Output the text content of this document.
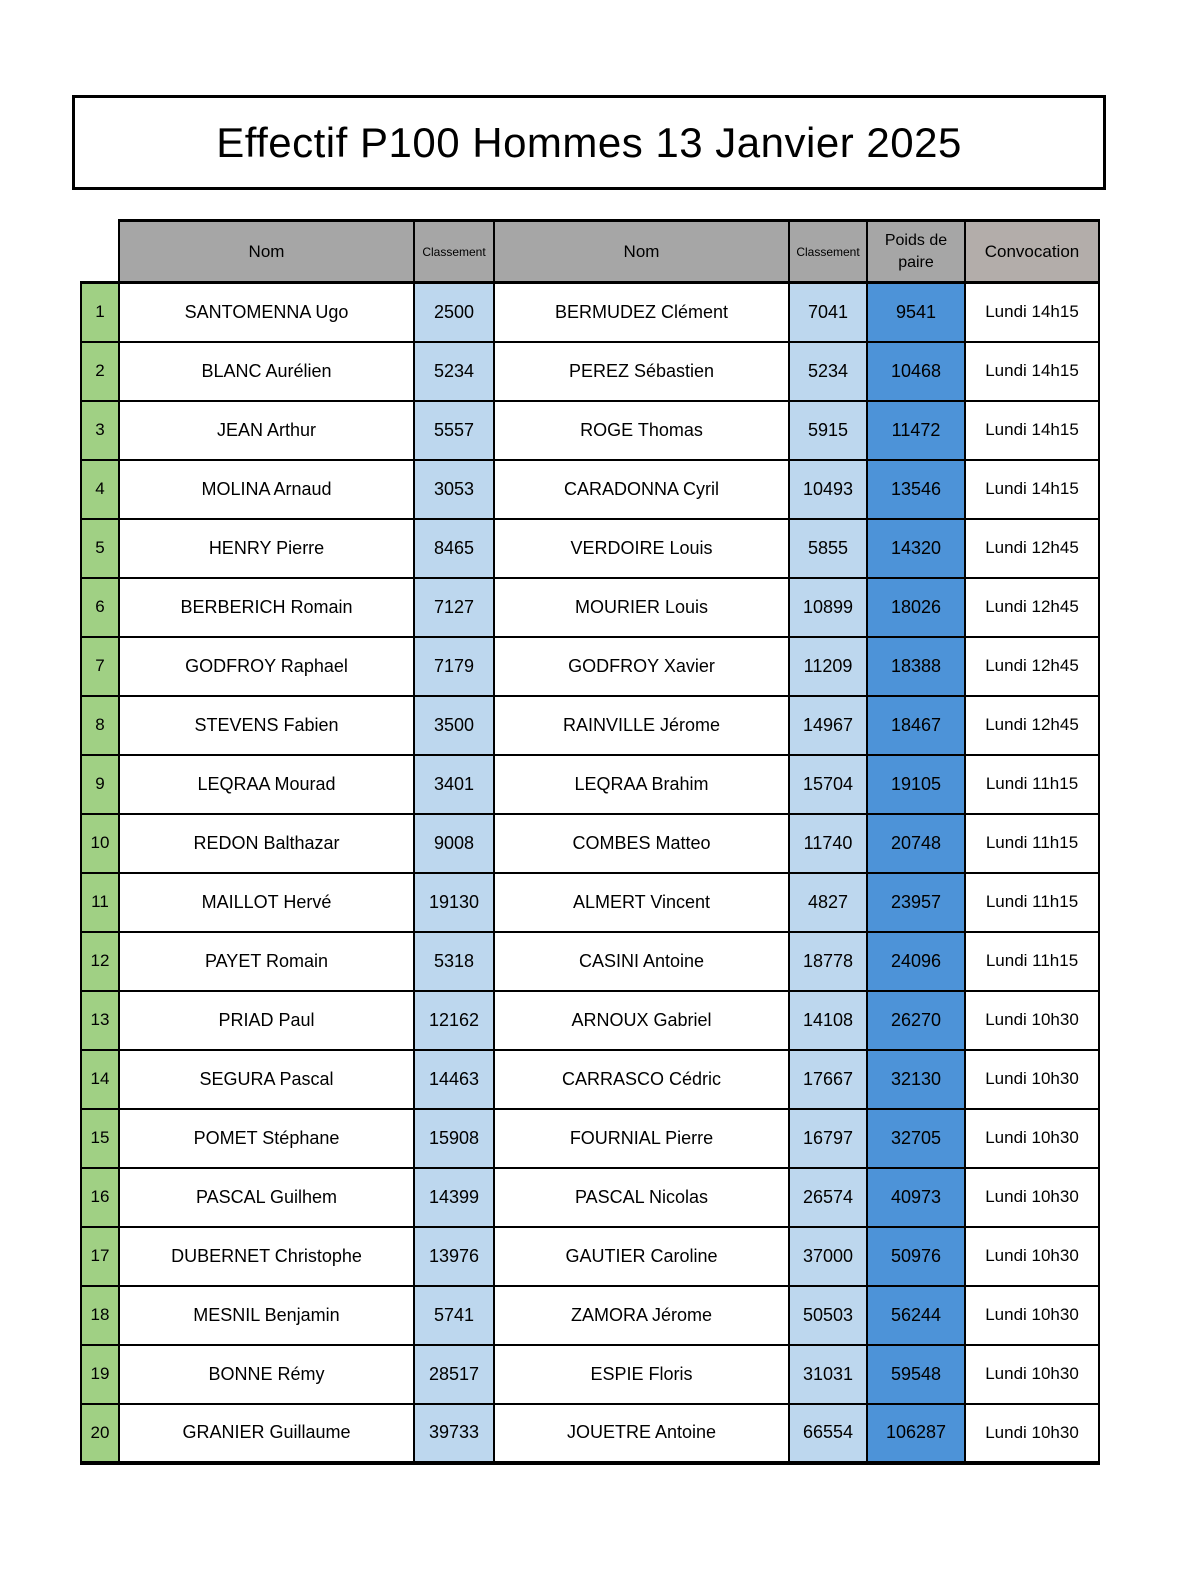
Effectif P100 Hommes 13 Janvier 2025
	Nom	Classement	Nom	Classement	Poids de paire	Convocation
1	SANTOMENNA Ugo	2500	BERMUDEZ Clément	7041	9541	Lundi 14h15
2	BLANC Aurélien	5234	PEREZ Sébastien	5234	10468	Lundi 14h15
3	JEAN Arthur	5557	ROGE Thomas	5915	11472	Lundi 14h15
4	MOLINA Arnaud	3053	CARADONNA Cyril	10493	13546	Lundi 14h15
5	HENRY Pierre	8465	VERDOIRE Louis	5855	14320	Lundi 12h45
6	BERBERICH Romain	7127	MOURIER Louis	10899	18026	Lundi 12h45
7	GODFROY Raphael	7179	GODFROY Xavier	11209	18388	Lundi 12h45
8	STEVENS Fabien	3500	RAINVILLE Jérome	14967	18467	Lundi 12h45
9	LEQRAA Mourad	3401	LEQRAA Brahim	15704	19105	Lundi 11h15
10	REDON Balthazar	9008	COMBES Matteo	11740	20748	Lundi 11h15
11	MAILLOT Hervé	19130	ALMERT Vincent	4827	23957	Lundi 11h15
12	PAYET Romain	5318	CASINI Antoine	18778	24096	Lundi 11h15
13	PRIAD Paul	12162	ARNOUX Gabriel	14108	26270	Lundi 10h30
14	SEGURA Pascal	14463	CARRASCO Cédric	17667	32130	Lundi 10h30
15	POMET Stéphane	15908	FOURNIAL Pierre	16797	32705	Lundi 10h30
16	PASCAL Guilhem	14399	PASCAL Nicolas	26574	40973	Lundi 10h30
17	DUBERNET Christophe	13976	GAUTIER Caroline	37000	50976	Lundi 10h30
18	MESNIL Benjamin	5741	ZAMORA Jérome	50503	56244	Lundi 10h30
19	BONNE Rémy	28517	ESPIE Floris	31031	59548	Lundi 10h30
20	GRANIER Guillaume	39733	JOUETRE Antoine	66554	106287	Lundi 10h30
